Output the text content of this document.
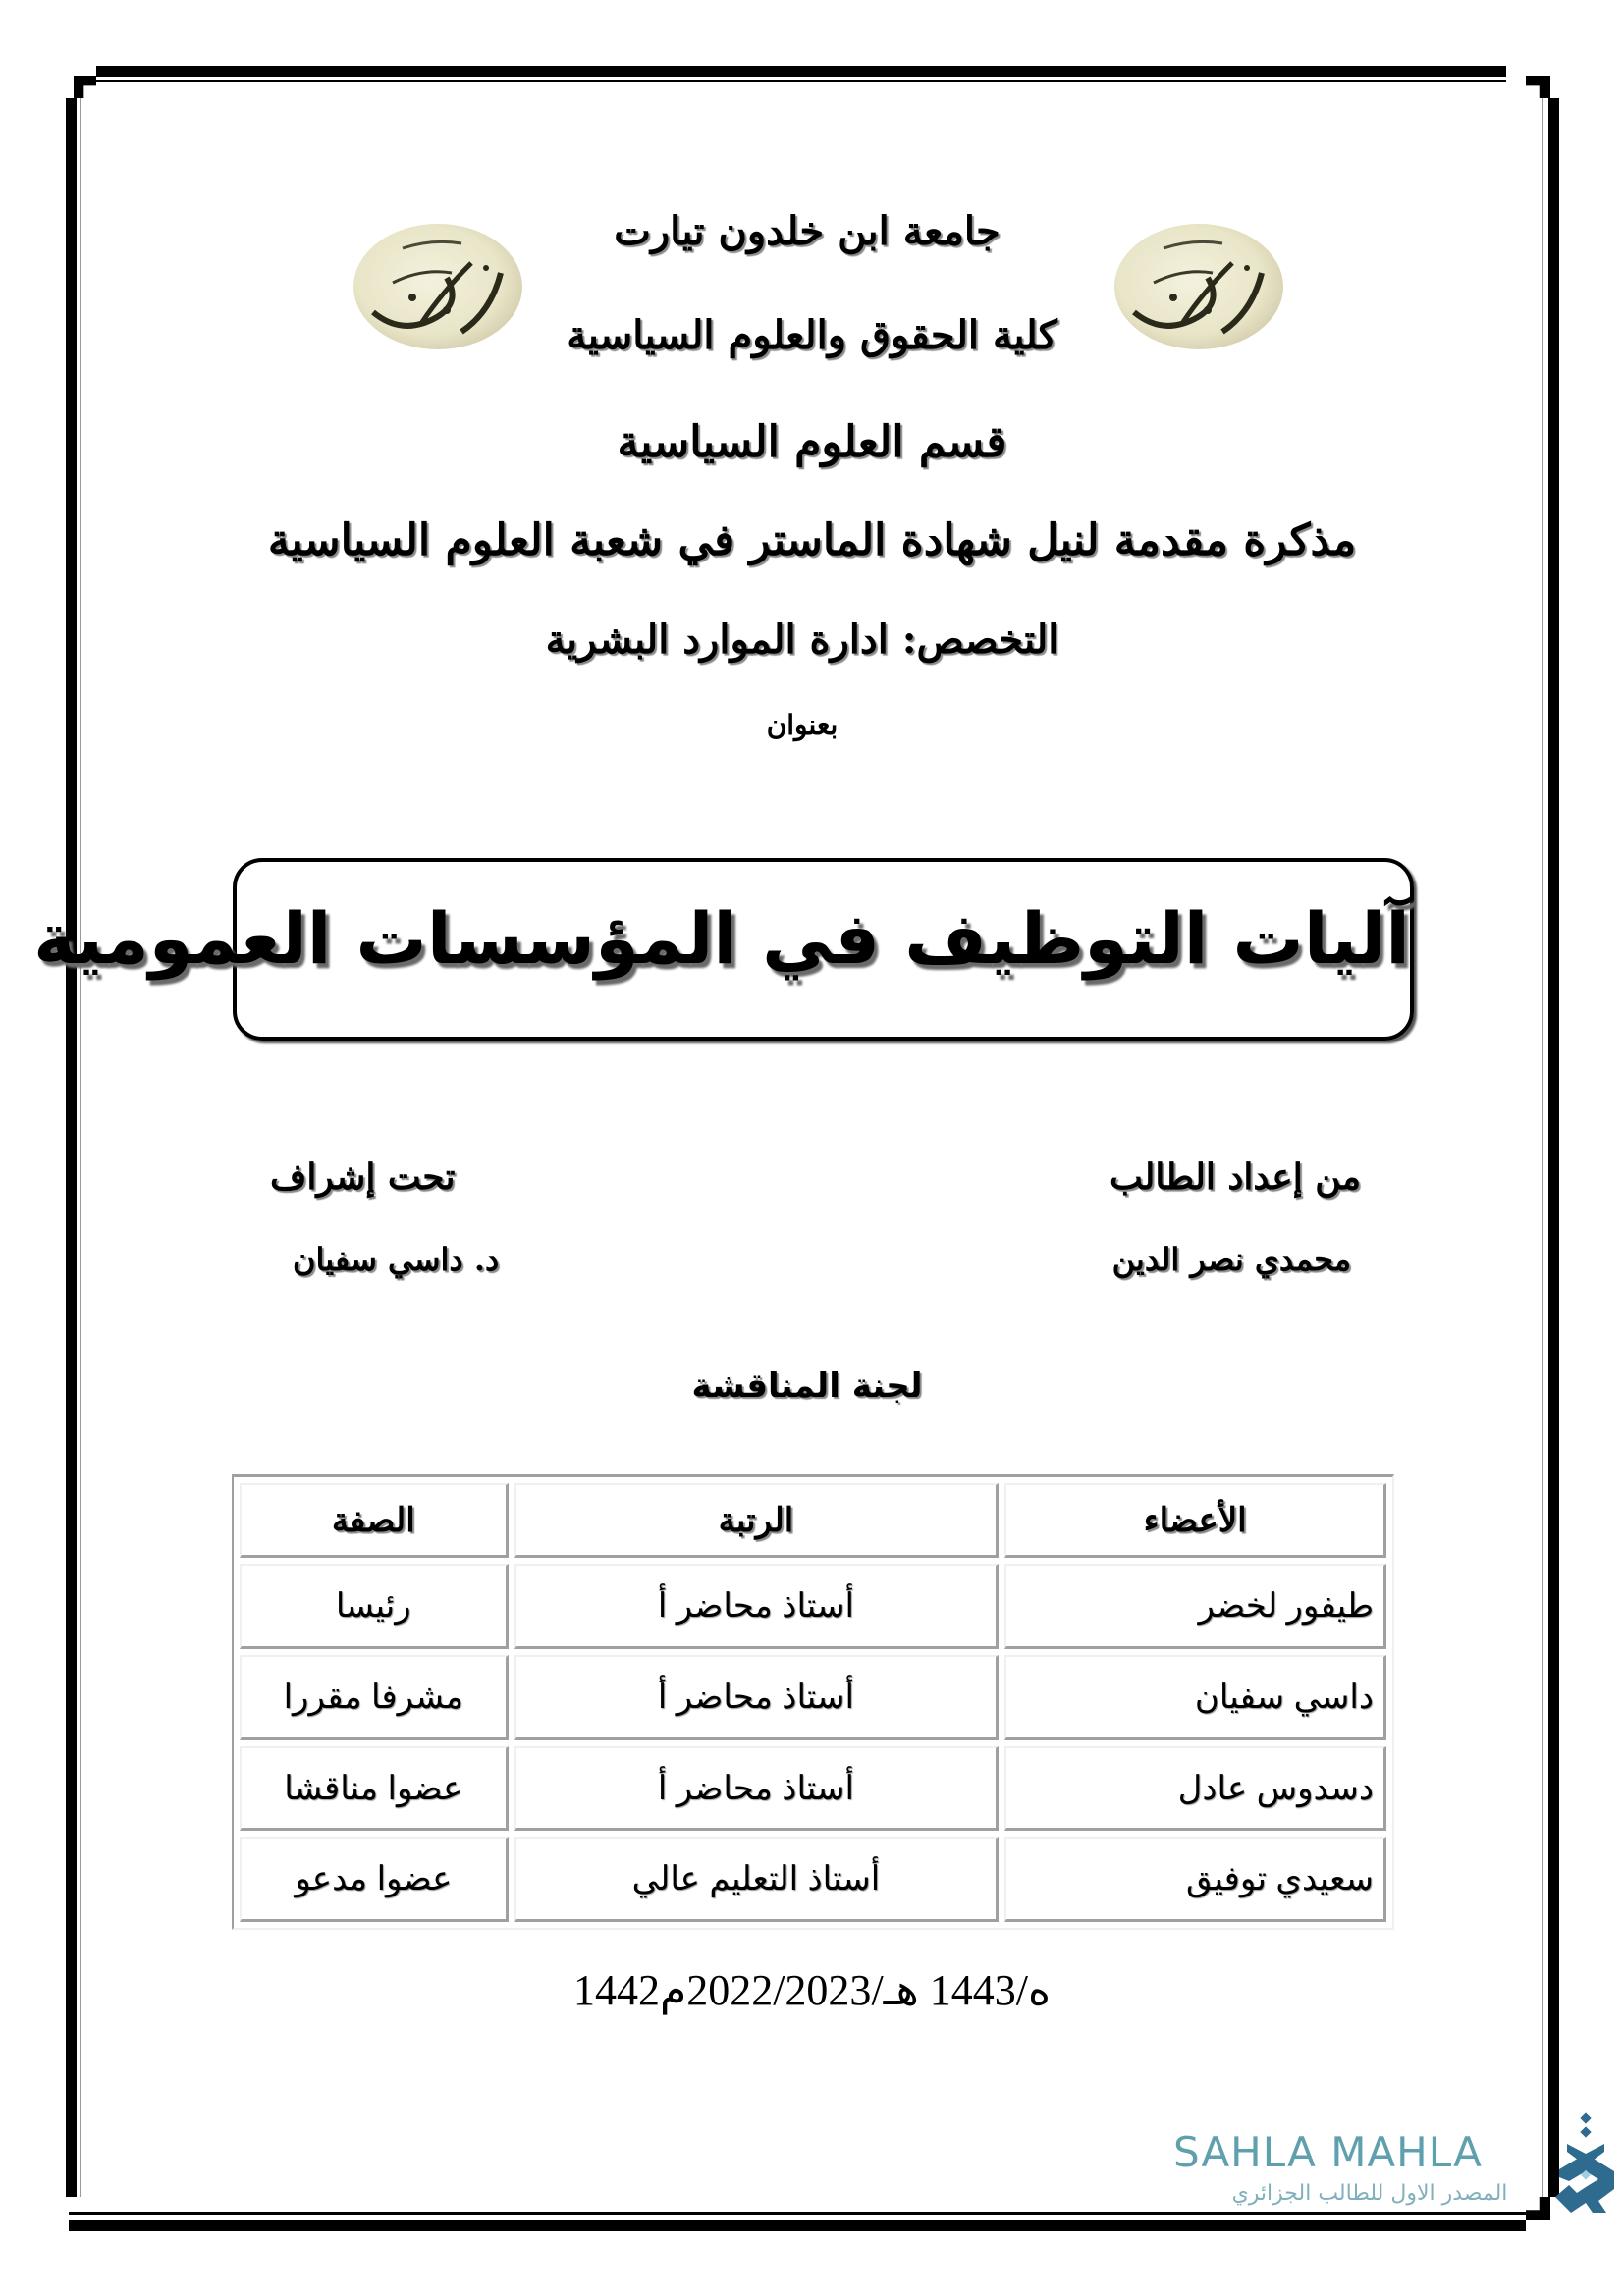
جامعة ابن خلدون تيارت
كلية الحقوق والعلوم السياسية
قسم العلوم السياسية
مذكرة مقدمة لنيل شهادة الماستر في شعبة العلوم السياسية
التخصص: ادارة الموارد البشرية
بعنوان
آليات التوظيف في المؤسسات العمومية
من إعداد الطالب
محمدي نصر الدين
تحت إشراف
د. داسي سفيان
لجنة المناقشة
الأعضاء	الرتبة	الصفة
طيفور لخضر	أستاذ محاضر أ	رئيسا
داسي سفيان	أستاذ محاضر أ	مشرفا مقررا
دسدوس عادل	أستاذ محاضر أ	عضوا مناقشا
سعيدي توفيق	أستاذ التعليم عالي	عضوا مدعو
1442ه/1443 هـ/2022/2023م
SAHLA MAHLA
المصدر الاول للطالب الجزائري
